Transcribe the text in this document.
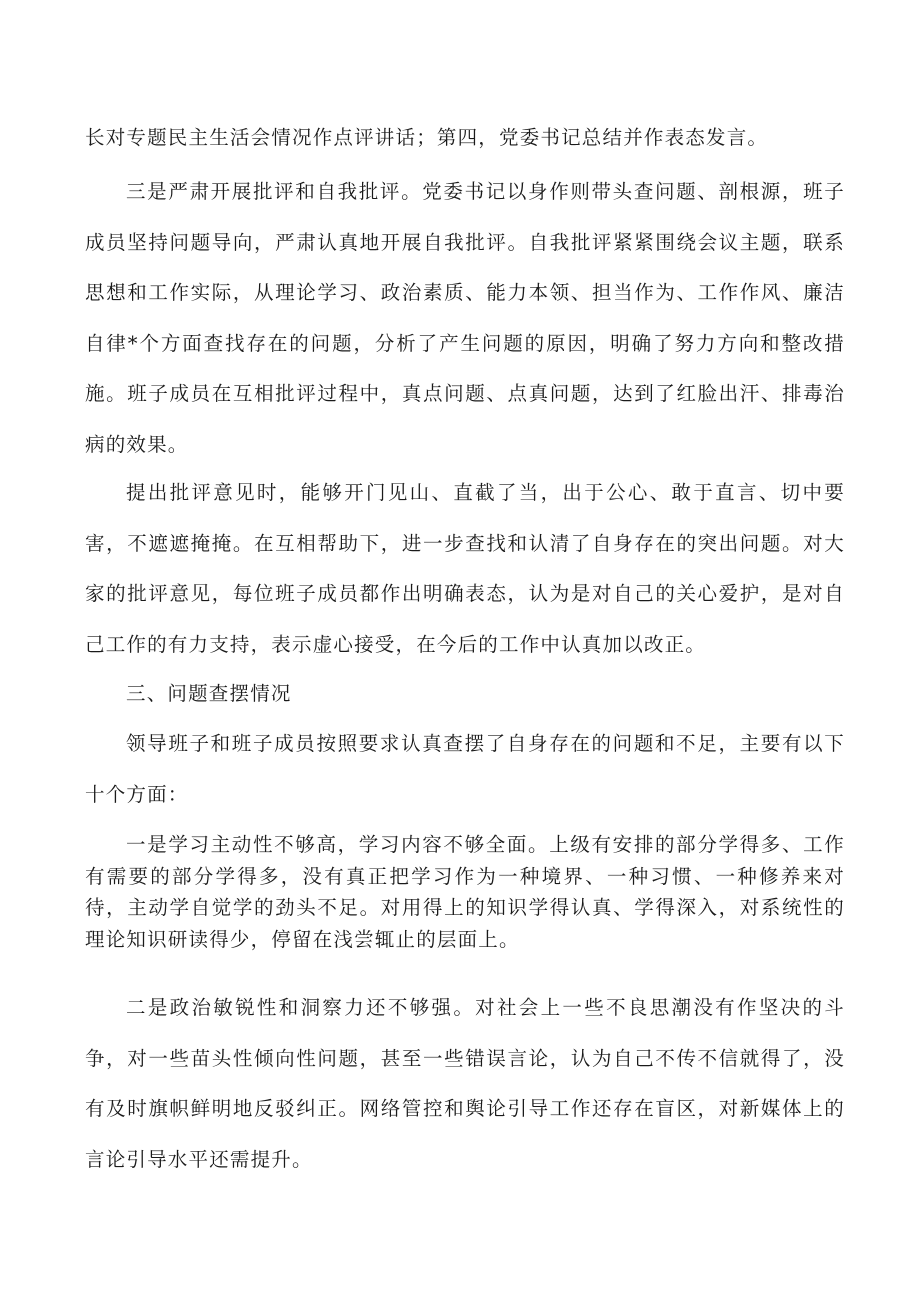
长对专题民主生活会情况作点评讲话；第四，党委书记总结并作表态发言。

三是严肃开展批评和自我批评。党委书记以身作则带头查问题、剖根源，班子成员坚持问题导向，严肃认真地开展自我批评。自我批评紧紧围绕会议主题，联系思想和工作实际，从理论学习、政治素质、能力本领、担当作为、工作作风、廉洁自律*个方面查找存在的问题，分析了产生问题的原因，明确了努力方向和整改措施。班子成员在互相批评过程中，真点问题、点真问题，达到了红脸出汗、排毒治病的效果。

提出批评意见时，能够开门见山、直截了当，出于公心、敢于直言、切中要害，不遮遮掩掩。在互相帮助下，进一步查找和认清了自身存在的突出问题。对大家的批评意见，每位班子成员都作出明确表态，认为是对自己的关心爱护，是对自己工作的有力支持，表示虚心接受，在今后的工作中认真加以改正。

三、问题查摆情况

领导班子和班子成员按照要求认真查摆了自身存在的问题和不足，主要有以下十个方面：

一是学习主动性不够高，学习内容不够全面。上级有安排的部分学得多、工作有需要的部分学得多，没有真正把学习作为一种境界、一种习惯、一种修养来对待，主动学自觉学的劲头不足。对用得上的知识学得认真、学得深入，对系统性的理论知识研读得少，停留在浅尝辄止的层面上。

二是政治敏锐性和洞察力还不够强。对社会上一些不良思潮没有作坚决的斗争，对一些苗头性倾向性问题，甚至一些错误言论，认为自己不传不信就得了，没有及时旗帜鲜明地反驳纠正。网络管控和舆论引导工作还存在盲区，对新媒体上的言论引导水平还需提升。
